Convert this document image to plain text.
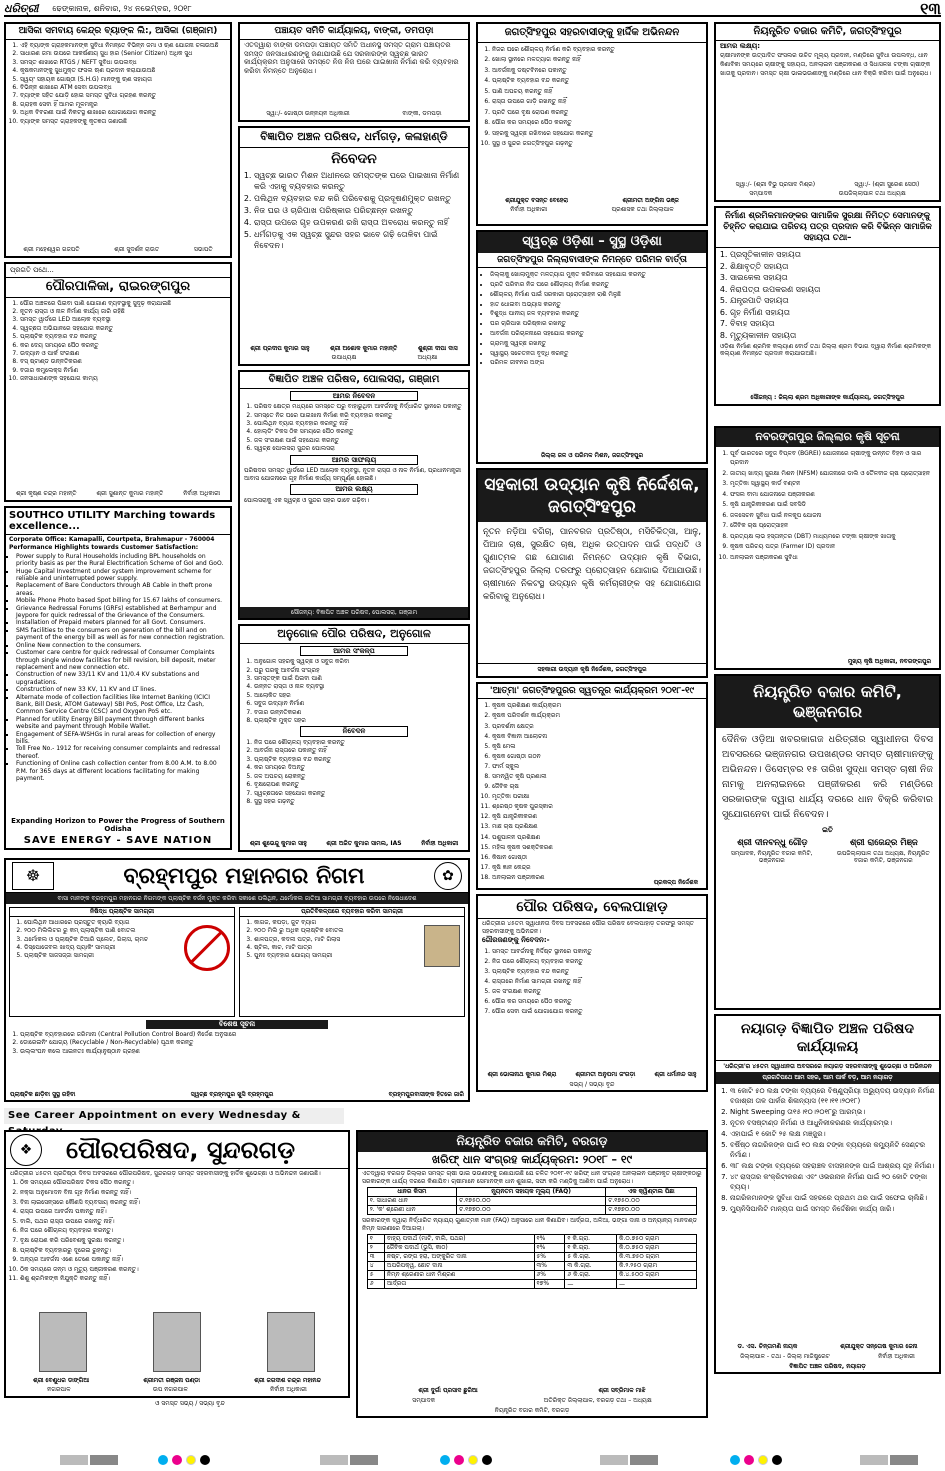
ଧରିତ୍ରୀ ଢେଙ୍କାନାଳ, ଶନିବାର, ୨୪ ନଭେମ୍ବର, ୨୦୧୮	୧୩
ଆସିକା ସମବାୟ କେନ୍ଦ୍ର ବ୍ୟାଙ୍କ ଲି:, ଆସିକା (ଗଞ୍ଜାମ)
1. ଏହି ବ୍ୟାଙ୍କ ଗ୍ରାହକମାନଙ୍କ ସୁବିଧା ନିମନ୍ତେ ବିଭିନ୍ନ ଜମା ଓ ଋଣ ଯୋଜନା ଚଳାଉଅଛି
2. ସାଧାରଣ ଜମା ଉପରେ ଆକର୍ଷଣୀୟ ସୁଧ ହାର (Senior Citizen) ଅଧିକ ସୁଧ
3. ସମସ୍ତ ଶାଖାରେ RTGS / NEFT ସୁବିଧା ଉପଲବ୍ଧ
4. କୃଷକମାନଙ୍କୁ ସୁଧମୁକ୍ତ ଫସଲ ଋଣ ପ୍ରଦାନ କରାଯାଉଅଛି
5. ସ୍ୱୟଂ ସହାୟକ ଗୋଷ୍ଠୀ (S.H.G) ମାନଙ୍କୁ ଋଣ ସହାୟତା
6. ବିଭିନ୍ନ ଶାଖାରେ ATM ସେବା ଉପଲବ୍ଧ
7. ବ୍ୟାଙ୍କ ସହିତ ଯୋଡ଼ି ହୋଇ ସମସ୍ତ ସୁବିଧା ଗ୍ରହଣ କରନ୍ତୁ
8. ଗ୍ରାହକ ସେବା ହିଁ ଆମର ମୂଳମନ୍ତ୍ର
9. ଅଧିକ ବିବରଣୀ ପାଇଁ ନିକଟସ୍ଥ ଶାଖାରେ ଯୋଗାଯୋଗ କରନ୍ତୁ
10. ବ୍ୟାଙ୍କ ସମସ୍ତ ଗ୍ରାହକଙ୍କୁ କୃତଜ୍ଞତା ଜଣାଉଛି
ଶ୍ରୀ ମହେଶ୍ୱର ଗଜପତି	ଶ୍ରୀ ସୁଦର୍ଶନ ରାଉତ	ସଭାପତି
ପ୍ରଗତି ପଥେ...
ପୌରପାଳିକା, ରାଇରଙ୍ଗପୁର
1. ପୌର ଅଞ୍ଚଳରେ ପିଇବା ପାଣି ଯୋଗାଣ ବ୍ୟବସ୍ଥାକୁ ସୁଦୃଢ଼ କରାଯାଇଛି
2. ନୂତନ ରାସ୍ତା ଓ ନାଳ ନିର୍ମାଣ କାର୍ଯ୍ୟ ଜାରି ରହିଛି
3. ସମସ୍ତ ୱାର୍ଡରେ LED ଆଲୋକ ବ୍ୟବସ୍ଥା
4. ସ୍ୱଚ୍ଛତା ଅଭିଯାନରେ ସହଯୋଗ କରନ୍ତୁ
5. ପ୍ଲାଷ୍ଟିକ ବ୍ୟବହାର ବନ୍ଦ କରନ୍ତୁ
6. କର ଦେୟ ସମୟରେ ପୈଠ କରନ୍ତୁ
7. ଉଦ୍ୟାନ ଓ ପାର୍କ ସଂରକ୍ଷଣ
8. ବସ୍ ଷ୍ଟାଣ୍ଡ ଉନ୍ନତିକରଣ
9. ବଜାର କମ୍ପ୍ଲେକ୍ସ ନିର୍ମାଣ
10. ଜନସାଧାରଣଙ୍କ ସହଯୋଗ କାମ୍ୟ
ଶ୍ରୀ କୃଷ୍ଣ ଚନ୍ଦ୍ର ମହାନ୍ତି	ଶ୍ରୀ ସୁଶାନ୍ତ କୁମାର ମହାନ୍ତି	ନିର୍ବାହୀ ଅଧିକାରୀ
SOUTHCO UTILITY Marching towards excellence...
Corporate Office: Kamapalli, Courtpeta, Brahmapur - 760004
Performance Highlights towards Customer Satisfaction:
▪ Power supply to Rural Households including BPL households on priority basis as per the Rural Electrification Scheme of GoI and GoO.
▪ Huge Capital Investment under system improvement scheme for reliable and uninterrupted power supply.
▪ Replacement of Bare Conductors through AB Cable in theft prone areas.
▪ Mobile Phone Photo based Spot billing for 15.67 lakhs of consumers.
▪ Grievance Redressal Forums (GRFs) established at Berhampur and Jeypore for quick redressal of the Grievance of the Consumers.
▪ Installation of Prepaid meters planned for all Govt. Consumers.
▪ SMS facilities to the consumers on generation of the bill and on payment of the energy bill as well as for new connection registration.
▪ Online New connection to the consumers.
▪ Customer care centre for quick redressal of Consumer Complaints through single window facilities for bill revision, bill deposit, meter replacement and new connection etc.
▪ Construction of new 33/11 KV and 11/0.4 KV substations and upgradations.
▪ Construction of new 33 KV, 11 KV and LT lines.
▪ Alternate mode of collection facilities like Internet Banking (ICICI Bank, Bill Desk, ATOM Gateway) SBI PoS, Post Office, Ltz Cash, Common Service Centre (CSC) and Oxygen PoS etc.
▪ Planned for utility Energy Bill payment through different banks website and payment through Mobile Wallet.
▪ Engagement of SEFA-WSHGs in rural areas for collection of energy bills.
▪ Toll Free No.- 1912 for receiving consumer complaints and redressal thereof.
▪ Functioning of Online cash collection center from 8.00 A.M. to 8.00 P.M. for 365 days at different locations facilitating for making payment.
Expanding Horizon to Power the Progress of Southern Odisha
SAVE ENERGY - SAVE NATION
ପଞ୍ଚାୟତ ସମିତି କାର୍ଯ୍ୟାଳୟ, ବାଙ୍କୀ, ଡମପଡ଼ା
ଏତଦ୍ୱାରା ବାଙ୍କୀ ଡମପଡ଼ା ପଞ୍ଚାୟତ ସମିତି ଅଧୀନସ୍ଥ ସମସ୍ତ ଗ୍ରାମ ପଞ୍ଚାୟତର ସମସ୍ତ ଜନସାଧାରଣଙ୍କୁ ଜଣାଯାଉଛି ଯେ ସରକାରଙ୍କ ସ୍ୱଚ୍ଛ ଭାରତ କାର୍ଯ୍ୟକ୍ରମ ଅନୁସାରେ ସମସ୍ତେ ନିଜ ନିଜ ଘରେ ପାଇଖାନା ନିର୍ମାଣ କରି ବ୍ୟବହାର କରିବା ନିମନ୍ତେ ଅନୁରୋଧ।
ସ୍ୱା:/- ଗୋଷ୍ଠୀ ଉନ୍ନୟନ ଅଧିକାରୀ	ବାଙ୍କୀ, ଡମପଡ଼ା
ବିଜ୍ଞାପିତ ଅଞ୍ଚଳ ପରିଷଦ, ଧର୍ମଗଡ଼, କଳାହାଣ୍ଡି
ନିବେଦନ
1. ସ୍ୱଚ୍ଛ ଭାରତ ମିଶନ ଅଧୀନରେ ସମସ୍ତଙ୍କ ଘରେ ପାଇଖାନା ନିର୍ମାଣ କରି ଏହାକୁ ବ୍ୟବହାର କରନ୍ତୁ
2. ପଲିଥିନ ବ୍ୟବହାର ବନ୍ଦ କରି ପରିବେଶକୁ ପ୍ରଦୂଷଣମୁକ୍ତ ରଖନ୍ତୁ
3. ନିଜ ଘର ଓ ଚାରିପାଖ ପରିଷ୍କାର ପରିଚ୍ଛନ୍ନ ରଖନ୍ତୁ
4. ରାସ୍ତା ଉପରେ ଗୃହ ଉପକରଣ ରଖି ରାସ୍ତା ଅବରୋଧ କରନ୍ତୁ ନାହିଁ
5. ଧର୍ମଗଡ଼କୁ ଏକ ସ୍ୱଚ୍ଛ ସୁନ୍ଦର ସହର ଭାବେ ଗଢ଼ି ତୋଳିବା ପାଇଁ ନିବେଦନ।
ଶ୍ରୀ ପ୍ରଦୀପ କୁମାର ସାହୁ	ଶ୍ରୀ ଅଶୋକ କୁମାର ମହାନ୍ତି	ଶୁଶ୍ରୀ ଦୀପା ଦାସ
ଉପାଧ୍ୟକ୍ଷ	ଅଧ୍ୟକ୍ଷା
ବିଜ୍ଞାପିତ ଅଞ୍ଚଳ ପରିଷଦ, ପୋଲସରା, ଗଞ୍ଜାମ
ଆମର ନିବେଦନ
1. ପରିଷଦ କ୍ଷେତ୍ର ମଧ୍ୟରେ ସମସ୍ତେ ଘରୁ ବାହାରୁଥିବା ଆବର୍ଜନାକୁ ନିର୍ଦ୍ଧାରିତ ସ୍ଥାନରେ ପକାନ୍ତୁ
2. ସମସ୍ତେ ନିଜ ଘରେ ପାଇଖାନା ନିର୍ମାଣ କରି ବ୍ୟବହାର କରନ୍ତୁ
3. ପୋଲିଥିନ ବ୍ୟାଗ ବ୍ୟବହାର କରନ୍ତୁ ନାହିଁ
4. ହୋଲ୍ଡିଂ ଟିକସ ଠିକ ସମୟରେ ପୈଠ କରନ୍ତୁ
5. ଜଳ ସଂରକ୍ଷଣ ପାଇଁ ସହଯୋଗ କରନ୍ତୁ
6. ସ୍ୱଚ୍ଛ ପୋଲସରା ସୁନ୍ଦର ପୋଲସରା
ଆମର ସାଫଲ୍ୟ
ପରିଷଦର ସମସ୍ତ ୱାର୍ଡରେ LED ଆଲୋକ ବ୍ୟବସ୍ଥା, ନୂତନ ରାସ୍ତା ଓ ନାଳ ନିର୍ମାଣ, ପ୍ରଧାନମନ୍ତ୍ରୀ ଆବାସ ଯୋଜନାରେ ଗୃହ ନିର୍ମାଣ କାର୍ଯ୍ୟ ସମ୍ପୂର୍ଣ୍ଣ ହୋଇଛି।
ଆମର ଲକ୍ଷ୍ୟ
ପୋଲସରାକୁ ଏକ ସ୍ୱଚ୍ଛ ଓ ସୁନ୍ଦର ସହର ଭାବେ ଗଢ଼ିବା।
ସୌଜନ୍ୟ: ବିଜ୍ଞାପିତ ଅଞ୍ଚଳ ପରିଷଦ, ପୋଲସରା, ଗଞ୍ଜାମ
ଅନୁଗୋଳ ପୌର ପରିଷଦ, ଅନୁଗୋଳ
ଆମର ସଂକଳ୍ପ
1. ଅନୁଗୋଳ ସହରକୁ ସ୍ୱଚ୍ଛ ଓ ସବୁଜ କରିବା
2. ଘରୁ ଘରକୁ ଆବର୍ଜନା ସଂଗ୍ରହ
3. ସମସ୍ତଙ୍କ ପାଇଁ ପିଇବା ପାଣି
4. ଉନ୍ନତ ରାସ୍ତା ଓ ନାଳ ବ୍ୟବସ୍ଥା
5. ଆଲୋକିତ ସହର
6. ସବୁଜ ଉଦ୍ୟାନ ନିର୍ମାଣ
7. ବଜାର ଉନ୍ନତିକରଣ
8. ପ୍ଲାଷ୍ଟିକ ମୁକ୍ତ ସହର
ନିବେଦନ
1. ନିଜ ଘରେ ଶୌଚାଳୟ ବ୍ୟବହାର କରନ୍ତୁ
2. ଆବର୍ଜନା ରାସ୍ତାରେ ପକାନ୍ତୁ ନାହିଁ
3. ପ୍ଲାଷ୍ଟିକ ବ୍ୟବହାର ବନ୍ଦ କରନ୍ତୁ
4. କର ସମୟରେ ଦିଅନ୍ତୁ
5. ଜଳ ଅପଚୟ ରୋକନ୍ତୁ
6. ବୃକ୍ଷରୋପଣ କରନ୍ତୁ
7. ସ୍ୱଚ୍ଛତାରେ ସହଯୋଗ କରନ୍ତୁ
8. ସୁସ୍ଥ ସହର ଗଢ଼ନ୍ତୁ
ଶ୍ରୀ ଶୁଭେନ୍ଦୁ କୁମାର ସାହୁ	ଶ୍ରୀ ଅଜିତ କୁମାର ସାମଲ, IAS	ନିର୍ବାହୀ ଅଧିକାରୀ
ଜଗତ୍‌ସିଂହପୁର ସହରବାସୀଙ୍କୁ ହାର୍ଦ୍ଦିକ ଅଭିନନ୍ଦନ
1. ନିଜର ଘରେ ଶୌଚାଳୟ ନିର୍ମାଣ କରି ବ୍ୟବହାର କରନ୍ତୁ
2. ଖୋଲା ସ୍ଥାନରେ ମଳତ୍ୟାଗ କରନ୍ତୁ ନାହିଁ
3. ଆବର୍ଜନାକୁ ଡଷ୍ଟବିନରେ ପକାନ୍ତୁ
4. ପ୍ଲାଷ୍ଟିକ ବ୍ୟବହାର ବନ୍ଦ କରନ୍ତୁ
5. ପାଣି ଅପଚୟ କରନ୍ତୁ ନାହିଁ
6. ରାସ୍ତା ଉପରେ ଗାଡ଼ି ରଖନ୍ତୁ ନାହିଁ
7. ପ୍ରତି ଘରେ ବୃକ୍ଷ ରୋପଣ କରନ୍ତୁ
8. ପୌର କର ସମୟରେ ପୈଠ କରନ୍ତୁ
9. ସହରକୁ ସ୍ୱଚ୍ଛ ରଖିବାରେ ସହଯୋଗ କରନ୍ତୁ
10. ସୁସ୍ଥ ଓ ସୁନ୍ଦର ଜଗତ୍‌ସିଂହପୁର ଗଢ଼ନ୍ତୁ
ଶ୍ରୀଯୁକ୍ତ ବସନ୍ତ ବେହେରା	ଶ୍ରୀମତୀ ଅଙ୍ଗିନା ଭଞ୍ଜ
ନିର୍ବାହୀ ଅଧିକାରୀ	ପ୍ରଶାସକ ତଥା ଜିଲ୍ଲାପାଳ
ସ୍ୱଚ୍ଛ ଓଡ଼ିଶା – ସୁସ୍ଥ ଓଡ଼ିଶା
ଜଗତ୍‌ସିଂହପୁର ଜିଲ୍ଲାବାସୀଙ୍କ ନିମନ୍ତେ ପରିମଳ ବାର୍ତ୍ତା
• ଜିଲ୍ଲାକୁ ଖୋଲାମୁକ୍ତ ମଳତ୍ୟାଗ ମୁକ୍ତ କରିବାରେ ସହଯୋଗ କରନ୍ତୁ
• ପ୍ରତି ପରିବାର ନିଜ ଘରେ ଶୌଚାଳୟ ନିର୍ମାଣ କରନ୍ତୁ
• ଶୌଚାଳୟ ନିର୍ମାଣ ପାଇଁ ସରକାରୀ ପ୍ରୋତ୍ସାହନ ରାଶି ମିଳୁଛି
• ହାତ ଧୋଇବା ଅଭ୍ୟାସ କରନ୍ତୁ
• ବିଶୁଦ୍ଧ ପାନୀୟ ଜଳ ବ୍ୟବହାର କରନ୍ତୁ
• ଘର ଚାରିପାଖ ପରିଷ୍କାର ରଖନ୍ତୁ
• ଆବର୍ଜନା ପରିଚାଳନାରେ ସହଯୋଗ କରନ୍ତୁ
• ଗ୍ରାମକୁ ସ୍ୱଚ୍ଛ ରଖନ୍ତୁ
• ସ୍ୱାସ୍ଥ୍ୟ ସଚେତନତା ବୃଦ୍ଧି କରନ୍ତୁ
• ପରିମଳ ଜୀବନର ଅଙ୍ଗ
ଜିଲ୍ଲା ଜଳ ଓ ପରିମଳ ମିଶନ, ଜଗତ୍‌ସିଂହପୁର
ସହକାରୀ ଉଦ୍ୟାନ କୃଷି ନିର୍ଦ୍ଦେଶକ, ଜଗତ୍‌ସିଂହପୁର
ନୂତନ ନଡ଼ିଆ ବଗିଚା, ପାନବରଜ ପ୍ରତିଷ୍ଠା, ମସିଚିକିତ୍ସା, ଆଳୁ, ପିଆଜ ଚାଷ, ସୁରକ୍ଷିତ ଚାଷ, ଅଧିକ ଉତ୍ପାଦନ ପାଇଁ ପଦ୍ଧତି ଓ ଗୁଣାତ୍ମକ ଗଛ ଯୋଗାଣ ନିମନ୍ତେ ଉଦ୍ୟାନ କୃଷି ବିଭାଗ, ଜଗତ୍‌ସିଂହପୁର ଜିଲ୍ଲା ତରଫରୁ ପ୍ରୋତ୍ସାହନ ଯୋଗାଇ ଦିଆଯାଉଛି। ଚାଷୀମାନେ ନିକଟସ୍ଥ ଉଦ୍ୟାନ କୃଷି କର୍ମଚାରୀଙ୍କ ସହ ଯୋଗାଯୋଗ କରିବାକୁ ଅନୁରୋଧ।
ସହକାରୀ ଉଦ୍ୟାନ କୃଷି ନିର୍ଦ୍ଦେଶକ, ଜଗତ୍‌ସିଂହପୁର
'ଆତ୍ମା' ଜଗତ୍‌ସିଂହପୁରର ସ୍ୱତନ୍ତ୍ର କାର୍ଯ୍ୟକ୍ରମ ୨୦୧୮-୧୯
1. କୃଷକ ପ୍ରଶିକ୍ଷଣ କାର୍ଯ୍ୟକ୍ରମ
2. କୃଷକ ପରିଦର୍ଶନ କାର୍ଯ୍ୟକ୍ରମ
3. ପ୍ରଦର୍ଶନୀ କ୍ଷେତ୍ର
4. କୃଷକ ବିଜ୍ଞାନୀ ଆଲୋଚନା
5. କୃଷି ମେଳା
6. କୃଷକ ଗୋଷ୍ଠୀ ଗଠନ
7. ଫାର୍ମ ସ୍କୁଲ
8. ସମନ୍ୱିତ କୃଷି ପ୍ରଣାଳୀ
9. ଜୈବିକ ଚାଷ
10. ମୃତ୍ତିକା ପରୀକ୍ଷା
11. ଶ୍ରେଷ୍ଠ କୃଷକ ପୁରସ୍କାର
12. କୃଷି ଯାନ୍ତ୍ରିକୀକରଣ
13. ମାଛ ଚାଷ ପ୍ରଶିକ୍ଷଣ
14. ପଶୁପାଳନ ପ୍ରଶିକ୍ଷଣ
15. ମହିଳା କୃଷକ ସଶକ୍ତିକରଣ
16. କିଷାନ ଗୋଷ୍ଠୀ
17. କୃଷି ଜ୍ଞାନ କେନ୍ଦ୍ର
18. ଅନଲାଇନ ପଞ୍ଜୀକରଣ
ପ୍ରକଳ୍ପ ନିର୍ଦ୍ଦେଶକ
ପୌର ପରିଷଦ, ବେଲପାହାଡ଼
ଧରିତ୍ରୀର ୪୫ତମ ସ୍ୱାଧୀନତା ଦିବସ ଅବସରରେ ପୌର ପରିଷଦ ବେଲପାହାଡ଼ ତରଫରୁ ସମସ୍ତ ସହରବାସୀଙ୍କୁ ଅଭିନନ୍ଦନ।
ଗୌରଜଣଙ୍କୁ ନିବେଦନ:-
1. ସମସ୍ତ ଆବର୍ଜନାକୁ ନିର୍ଦ୍ଦିଷ୍ଟ ସ୍ଥାନରେ ପକାନ୍ତୁ
2. ନିଜ ଘରେ ଶୌଚାଳୟ ବ୍ୟବହାର କରନ୍ତୁ
3. ପ୍ଲାଷ୍ଟିକ ବ୍ୟବହାର ବନ୍ଦ କରନ୍ତୁ
4. ରାସ୍ତାରେ ନିର୍ମାଣ ସାମଗ୍ରୀ ରଖନ୍ତୁ ନାହିଁ
5. ଜଳ ସଂରକ୍ଷଣ କରନ୍ତୁ
6. ପୌର କର ସମୟରେ ପୈଠ କରନ୍ତୁ
7. ପୌର ସେବା ପାଇଁ ଯୋଗାଯୋଗ କରନ୍ତୁ
ଶ୍ରୀ ଭୋଳାନାଥ କୁମାର ମିଶ୍ରା	ଶ୍ରୀମତୀ ଅନୁପମା ଜଂଗଡ଼ା	ଶ୍ରୀ ଧର୍ମାନନ୍ଦ ସାହୁ
ସଭ୍ୟ / ସଭ୍ୟା ବୃନ୍ଦ
ନିୟନ୍ତ୍ରିତ ବଜାର କମିଟି, ଜଗତ୍‌ସିଂହପୁର
ଆମର ଲକ୍ଷ୍ୟ:
ଚାଷୀମାନଙ୍କ ଉତ୍ପାଦିତ ଫସଲର ଉଚିତ ମୂଲ୍ୟ ପ୍ରଦାନ, ମଣ୍ଡିରେ ସୁବିଧା ଉପଲବ୍ଧ, ଧାନ କିଣାବିକା ସମୟରେ ଚାଷୀଙ୍କୁ ସହାୟତା, ଅନଲାଇନ ପଞ୍ଜୀକରଣ ଓ ସିଧାସଳଖ ଟଙ୍କା ଚାଷୀଙ୍କ ଖାତାକୁ ପ୍ରଦାନ। ସମସ୍ତ ଚାଷୀ ଭାଇଭଉଣୀଙ୍କୁ ମଣ୍ଡିରେ ଧାନ ବିକ୍ରି କରିବା ପାଇଁ ଅନୁରୋଧ।
ସ୍ୱା:/- (ଶ୍ରୀ ବିଭୁ ପ୍ରସାଦ ମିଶ୍ର)	ସ୍ୱା:/- (ଶ୍ରୀ ସୁରେଶ ସେଠୀ)
ସମ୍ପାଦକ	ଉପଜିଲ୍ଲାପାଳ ତଥା ଅଧ୍ୟକ୍ଷ
ନିର୍ମାଣ ଶ୍ରମିକମାନଙ୍କର ସାମାଜିକ ସୁରକ୍ଷା ନିମିତ୍ତ ସେମାନଙ୍କୁ ଚିହ୍ନିତ କରାଯାଇ ପରିଚୟ ପତ୍ର ପ୍ରଦାନ କରି ବିଭିନ୍ନ ସାମାଜିକ ସହାୟତା ତଥା–
1. ପ୍ରସୂତିକାଳୀନ ସହାୟତା
2. ଶିକ୍ଷାବୃତ୍ତି ସହାୟତା
3. ସାଇକେଲ ସହାୟତା
4. ନିରାପତ୍ତା ଉପକରଣ ସହାୟତା
5. ଯନ୍ତ୍ରପାତି ସହାୟତା
6. ଗୃହ ନିର୍ମାଣ ସହାୟତା
7. ବିବାହ ସହାୟତା
8. ମୃତ୍ୟୁକାଳୀନ ସହାୟତା
ଓଡ଼ିଶା ନିର୍ମାଣ ଶ୍ରମିକ କଲ୍ୟାଣ ବୋର୍ଡ ତଥା ଜିଲ୍ଲା ଶ୍ରମ ବିଭାଗ ଦ୍ୱାରା ନିର୍ମାଣ ଶ୍ରମିକଙ୍କ କଲ୍ୟାଣ ନିମନ୍ତେ ପ୍ରଦାନ କରାଯାଉଅଛି।
ସୌଜନ୍ୟ : ଜିଲ୍ଲା ଶ୍ରମ ଅଧିକାରୀଙ୍କ କାର୍ଯ୍ୟାଳୟ, ଜଗତ୍‌ସିଂହପୁର
ନବରଙ୍ଗପୁର ଜିଲ୍ଲାର କୃଷି ସୂଚନା
1. ପୂର୍ବ ଭାରତରେ ସବୁଜ ବିପ୍ଳବ (BGREI) ଯୋଜନାରେ ଚାଷୀଙ୍କୁ ଉନ୍ନତ ବିହନ ଓ ସାର ପ୍ରଦାନ
2. ଜାତୀୟ ଖାଦ୍ୟ ସୁରକ୍ଷା ମିଶନ (NFSM) ଯୋଜନାରେ ଡାଲି ଓ ତୈଳବୀଜ ଚାଷ ପ୍ରୋତ୍ସାହନ
3. ମୃତ୍ତିକା ସ୍ୱାସ୍ଥ୍ୟ କାର୍ଡ ବଣ୍ଟନ
4. ଫସଲ ବୀମା ଯୋଜନାରେ ପଞ୍ଜୀକରଣ
5. କୃଷି ଯାନ୍ତ୍ରିକୀକରଣ ପାଇଁ ସବସିଡି
6. ଜଳସେଚନ ସୁବିଧା ପାଇଁ ନଳକୂପ ଯୋଜନା
7. ଜୈବିକ ଚାଷ ପ୍ରୋତ୍ସାହନ
8. ପ୍ରତ୍ୟକ୍ଷ ଲାଭ ହସ୍ତାନ୍ତର (DBT) ମାଧ୍ୟମରେ ଟଙ୍କା ଚାଷୀଙ୍କ ଖାତାକୁ
9. କୃଷକ ପରିଚୟ ପତ୍ର (Farmer ID) ପ୍ରଦାନ
10. ଅନଲାଇନ ପଞ୍ଜୀକରଣ ସୁବିଧା
ମୁଖ୍ୟ କୃଷି ଅଧିକାରୀ, ନବରଙ୍ଗପୁର
ନିୟନ୍ତ୍ରିତ ବଜାର କମିଟି, ଭଞ୍ଜନଗର
ଦୈନିକ ଓଡ଼ିଆ ଖବରକାଗଜ ଧରିତ୍ରୀର ସ୍ୱାଧୀନତା ଦିବସ ଅବସରରେ ଭଞ୍ଜନଗର ଉପଖଣ୍ଡର ସମସ୍ତ ଚାଷୀମାନଙ୍କୁ ଅଭିନନ୍ଦନ। ଡିସେମ୍ବର ୧୫ ତାରିଖ ସୁଦ୍ଧା ସମସ୍ତ ଚାଷୀ ନିଜ ନାମକୁ ଅନଲାଇନରେ ପଞ୍ଜୀକରଣ କରି ମଣ୍ଡିରେ ସରକାରଙ୍କ ଦ୍ୱାରା ଧାର୍ଯ୍ୟ ଦରରେ ଧାନ ବିକ୍ରି କରିବାର ସୁଯୋଗନେବା ପାଇଁ ନିବେଦନ।
ଇତି
ଶ୍ରୀ ଦୀନବନ୍ଧୁ ଗୌଡ଼	ଶ୍ରୀ ରାଜେନ୍ଦ୍ର ମିଞ୍ଜ
ସମ୍ପାଦକ, ନିୟନ୍ତ୍ରିତ ବଜାର କମିଟି, ଭଞ୍ଜନଗର
ଉପଜିଲ୍ଲାପାଳ ତଥା ଅଧ୍ୟକ୍ଷ, ନିୟନ୍ତ୍ରିତ ବଜାର କମିଟି, ଭଞ୍ଜନଗର
ନୟାଗଡ଼ ବିଜ୍ଞାପିତ ଅଞ୍ଚଳ ପରିଷଦ କାର୍ଯ୍ୟାଳୟ
'ଧରିତ୍ରୀ'ର ୪୫ତମ ସ୍ୱାଧୀନତା ଅବସରରେ ନୟାଗଡ଼ ସହରବାସୀଙ୍କୁ ଶୁଭେଚ୍ଛା ଓ ଅଭିନନ୍ଦନ
ପ୍ରଗତିପଥେ ଆମ ସହର, ଆମ ପାର୍କ ବଡ଼, ଆମ ନୟାଗଡ଼
1. ୩ କୋଟି ୫୦ ଲକ୍ଷ ଟଙ୍କା ବ୍ୟୟରେ ବିଷ୍ଣୁପ୍ରିୟା ଅଭ୍ୟୁଦୟ ଉଦ୍ୟାନ ନିର୍ମାଣ ବଜାଶ୍ରୀ ତାଳ ପାର୍କର ଶିଳାନ୍ୟାସ (୧୧।୧୧।୨୦୧୮)
2. Night Sweeping ତା୧୫।୧୦।୨୦୧୮ରୁ ଆରମ୍ଭ।
3. ନୂତନ ବସଷ୍ଟାଣ୍ଡ ନିର୍ମାଣ ଓ ଆଧୁନିକୀକରଣର କାର୍ଯ୍ୟାରମ୍ଭ।
4. ଏହାପାଇଁ ୧ କୋଟି ୨୫ ଲକ୍ଷ ମଞ୍ଜୁର।
5. ବର୍ଷିଷ୍ଠ ନାଗରିକଙ୍କ ପାଇଁ ୧୦ ଲକ୍ଷ ଟଙ୍କା ବ୍ୟୟରେ କମ୍ୟୁନିଟି ସେଣ୍ଟର ନିର୍ମାଣ।
6. ୩୮ ଲକ୍ଷ ଟଙ୍କା ବ୍ୟୟରେ ସହରାଞ୍ଚଳ ବାସହୀନଙ୍କ ପାଇଁ ଆଶ୍ରୟ ଗୃହ ନିର୍ମାଣ।
7. ୪୯ ରାସ୍ତାର କଂକ୍ରିଟୀକରଣ ଏବଂ ଓଭରନାଳ ନିର୍ମାଣ ପାଇଁ ୨୦ କୋଟି ଟଙ୍କା ବ୍ୟୟ।
8. ନାଗରିକମାନଙ୍କ ସୁବିଧା ପାଇଁ ସହରରେ ପ୍ରଥମ ଥର ପାଇଁ ସଫେଇ ଚାଲିଛି।
9. ମ୍ୟୁନିସିପାଲିଟି ମାନ୍ୟତା ପାଇଁ ସମସ୍ତ ନିର୍ଦ୍ଦେଶିକା କାର୍ଯ୍ୟ ଜାରି।
ଡ. ଏସ. ଚିନ୍ତାମଣି ନାୟକ	ଶ୍ରୀଯୁକ୍ତ ସନ୍ତୋଷ କୁମାର ଜେନା
ଜିଲ୍ଲାପାଳ - ତଥା - ଜିଲ୍ଲା ମାଜିଷ୍ଟ୍ରେଟ	ନିର୍ବାହୀ ଅଧିକାରୀ
ବିଜ୍ଞାପିତ ଅଞ୍ଚଳ ପରିଷଦ, ନୟାଗଡ଼
☸	ବ୍ରହ୍ମପୁର ମହାନଗର ନିଗମ	✿
ବାସା ମାନଙ୍କ ବ୍ରହ୍ମପୁର ମହାନଗର ନିଗମଙ୍କ ପ୍ଲାଷ୍ଟିକ ବର୍ଜନ ମୁକ୍ତ କରିବା ସକାଶେ ପଲିଥିନ, ଥର୍ମୋକଲ ଜାତିଆ ସାମଗ୍ରୀ ବ୍ୟବହାର ଉପରେ ନିଷେଧାଦେଶ
ନିଷିଦ୍ଧ ପ୍ଲାଷ୍ଟିକ ସାମଗ୍ରୀ
1. ପୋଲିଥିନ ଆଧାରରେ ପ୍ରସ୍ତୁତ କ୍ୟାରି ବ୍ୟାଗ
2. ୨୦୦ ମିଲିଲିଟର ରୁ କମ୍ ପ୍ଲାଷ୍ଟିକ ପାଣି ବୋତଲ
3. ଥର୍ମୋକଲ ଓ ପ୍ଲାଷ୍ଟିକ ତିଆରି ପ୍ଲେଟ, ଗିଲାସ, ଚାମଚ
4. ଡିସ୍ପୋଜେବଲ ଖାଦ୍ୟ ପ୍ୟାକିଂ ସାମଗ୍ରୀ
5. ପ୍ଲାଷ୍ଟିକ ସାଜସଜ୍ଜା ସାମଗ୍ରୀ
ପ୍ରତିବିକଳ୍ପରେ ବ୍ୟବହାର କରିବା ସାମଗ୍ରୀ
1. କାଗଜ, କପଡ଼ା, ଜୁଟ ବ୍ୟାଗ
2. ୨୦୦ ମିଲି ରୁ ଅଧିକ ପ୍ଲାଷ୍ଟିକ ବୋତଲ
3. ଶାଳପତ୍ର, କଦଳୀ ପତ୍ର, ମାଟି ଗିଲାସ
4. ଷ୍ଟିଲ, କାଚ, ମାଟି ପାତ୍ର
5. ପୁନଃ ବ୍ୟବହାର ଯୋଗ୍ୟ ସାମଗ୍ରୀ
ବିଶେଷ ସୂଚନା
1. ପ୍ଲାଷ୍ଟିକ ବ୍ୟବହାରରେ ଜରିମାନା (Central Pollution Control Board) ନିର୍ଦ୍ଦେଶ ଅନୁସାରେ
2. ଡୋରେଇନିଂ ଯୋଗ୍ୟ (Recyclable / Non-Recyclable) ପୃଥକ କରନ୍ତୁ
3. ଉଲ୍ଲଂଘନ କଲେ ଆଇନତଃ କାର୍ଯ୍ୟାନୁଷ୍ଠାନ ଗ୍ରହଣ
ପ୍ଲାଷ୍ଟିକ ଛାଡ଼ିବା ସୁସ୍ଥ ରହିବା	ସ୍ୱଚ୍ଛ ବ୍ରହ୍ମପୁର ଖୁସି ବ୍ରହ୍ମପୁର	ବ୍ରହ୍ମପୁରବାସୀଙ୍କ ହିତରେ ଜାରି
See Career Appointment on every Wednesday &
❖	ପୌରପରିଷଦ, ସୁନ୍ଦରଗଡ଼
ଧରିତ୍ରୀର ୪୫ତମ ପ୍ରତିଷ୍ଠା ଦିବସ ଅବସରରେ ପୌରପରିଷଦ, ସୁନ୍ଦରଗଡ଼ ସମସ୍ତ ସହରବାସୀଙ୍କୁ ହାର୍ଦ୍ଦିକ ଶୁଭେଚ୍ଛା ଓ ଅଭିନନ୍ଦନ ଜଣାଉଛି।
1. ଠିକ ସମୟରେ ପୌରପରିଷଦ ଟିକସ ପୈଠ କରନ୍ତୁ।
2. ନକ୍ସା ଅନୁମୋଦନ ବିନା ଗୃହ ନିର୍ମାଣ କରନ୍ତୁ ନାହିଁ।
3. ବିନା ଲାଇସେନ୍ସରେ କୌଣସି ବ୍ୟବସାୟ କରନ୍ତୁ ନାହିଁ।
4. ରାସ୍ତା ଉପରେ ଆବର୍ଜନା ପକାନ୍ତୁ ନାହିଁ।
5. ବାଲି, ପଥର ରାସ୍ତା ଉପରେ ରଖନ୍ତୁ ନାହିଁ।
6. ନିଜ ଘରେ ଶୌଚାଳୟ ବ୍ୟବହାର କରନ୍ତୁ।
7. ବୃକ୍ଷ ରୋପଣ କରି ପରିବେଶକୁ ସୁରକ୍ଷା କରନ୍ତୁ।
8. ପ୍ଲାଷ୍ଟିକ ବ୍ୟବହାରରୁ ଦୂରେଇ ରୁହନ୍ତୁ।
9. ଅନ୍ୟର ଆବର୍ଜନା ଏଣେ ତେଣେ ପକାନ୍ତୁ ନାହିଁ।
10. ଠିକ ସମୟରେ ଜନ୍ମ ଓ ମୃତ୍ୟୁ ପଞ୍ଜୀକରଣ କରନ୍ତୁ।
11. ଶିଶୁ ଶ୍ରମିକଙ୍କ ନିଯୁକ୍ତି କରନ୍ତୁ ନାହିଁ।
ଶ୍ରୀ ବେଣୁଧର ଡାଙ୍ଗିଆ	ଶ୍ରୀମତୀ ରଞ୍ଜନା ପଣ୍ଡା	ଶ୍ରୀ ଜଗଦୀଶ ଚନ୍ଦ୍ର ମହାନନ୍ଦ
ନଗରପାଳ	ଉପ ନଗରପାଳ	ନିର୍ବାହୀ ଅଧିକାରୀ
ଓ ସମସ୍ତ ସଭ୍ୟ / ସଭ୍ୟା ବୃନ୍ଦ
ନିୟନ୍ତ୍ରିତ ବଜାର କମିଟି, ବରଗଡ଼
ଖରିଫ୍ ଧାନ ସଂଗ୍ରହ କାର୍ଯ୍ୟକ୍ରମ: ୨୦୧୮ – ୧୯
ଏତଦ୍ୱାରା ବରଗଡ଼ ଜିଲ୍ଲାର ସମସ୍ତ ଚାଷୀ ଭାଇ ଭଉଣୀଙ୍କୁ ଜଣାଯାଉଛି ଯେ ଚଳିତ ୨୦୧୮-୧୯ ଖରିଫ୍ ଧାନ ସଂଗ୍ରହ ଅନଲାଇନ ପଞ୍ଜୀକୃତ ଚାଷୀଙ୍କଠାରୁ ସରକାରଙ୍କ ଧାର୍ଯ୍ୟ ଦରରେ କିଣାଯିବ। ଚାଷୀମାନେ ସେମାନଙ୍କ ଧାନ ଶୁଖାଇ, ସଫା କରି ମଣ୍ଡିକୁ ଆଣିବା ପାଇଁ ଅନୁରୋଧ।
ଧାନର କିସମ	ନ୍ୟୂନତମ ସହାୟକ ମୂଲ୍ୟ (FAQ)	ଏକ କ୍ୱିଣ୍ଟାଲ ପିଛା
୧. ସାଧାରଣ ଧାନ	ଟ.୧୭୫୦.୦୦	ଟ.୧୭୫୦.୦୦
୨. 'କ' ଶ୍ରେଣୀ ଧାନ	ଟ.୧୭୭୦.୦୦	ଟ.୧୭୭୦.୦୦
ସରକାରଙ୍କ ଦ୍ୱାରା ନିର୍ଦ୍ଧାରିତ ନ୍ୟାଯ୍ୟ ଗୁଣାତ୍ମକ ମାନ (FAQ) ଅନୁସାରେ ଧାନ କିଣାଯିବ। ଆର୍ଦ୍ରତା, ଅଳିଆ, ଭଙ୍ଗା ଦାନା ଓ ଅନ୍ୟାନ୍ୟ ମାନଦଣ୍ଡ ନିମ୍ନ ସାରଣୀରେ ଦିଆଗଲା।
୧	ବାହ୍ୟ ପଦାର୍ଥ (ମାଟି, ବାଲି, ପଥର)	୧%	୧ କି.ଗ୍ରା.	କି.୦.୭୫୦ ଗ୍ରାମ
୨	ଜୈବିକ ପଦାର୍ଥ (ଭୁସି, କାଠ)	୧%	୧ କି.ଗ୍ରା.	କି.୦.୭୫୦ ଗ୍ରାମ
୩	ନଷ୍ଟ, ରଙ୍ଗ ହରା, ଅଙ୍କୁରିତ ଦାନା	୫%	୫ କି.ଗ୍ରା.	କି.୩.୭୫୦ ଗ୍ରାମ
୪	ଅପରିପକ୍ୱ, ଛୋଟ ଦାନା	୩%	୩ କି.ଗ୍ରା.	କି.୨.୨୫୦ ଗ୍ରାମ
୫	ନିମ୍ନ ଶ୍ରେଣୀର ଧାନ ମିଶ୍ରଣ	୬%	୬ କି.ଗ୍ରା.	କି.୪.୫୦୦ ଗ୍ରାମ
୬	ଆର୍ଦ୍ରତା	୧୭%	—	—
ଶ୍ରୀ ଦୁର୍ଗା ପ୍ରସାଦ ଛୁରିଆ	ଶ୍ରୀ ସବ୍ରିମାଳ ମାଝି
ସମ୍ପାଦକ	ଅତିରିକ୍ତ ଜିଲ୍ଲାପାଳ, ବରଗଡ଼ ତଥା – ଅଧ୍ୟକ୍ଷ
ନିୟନ୍ତ୍ରିତ ବଜାର କମିଟି, ବରଗଡ଼
